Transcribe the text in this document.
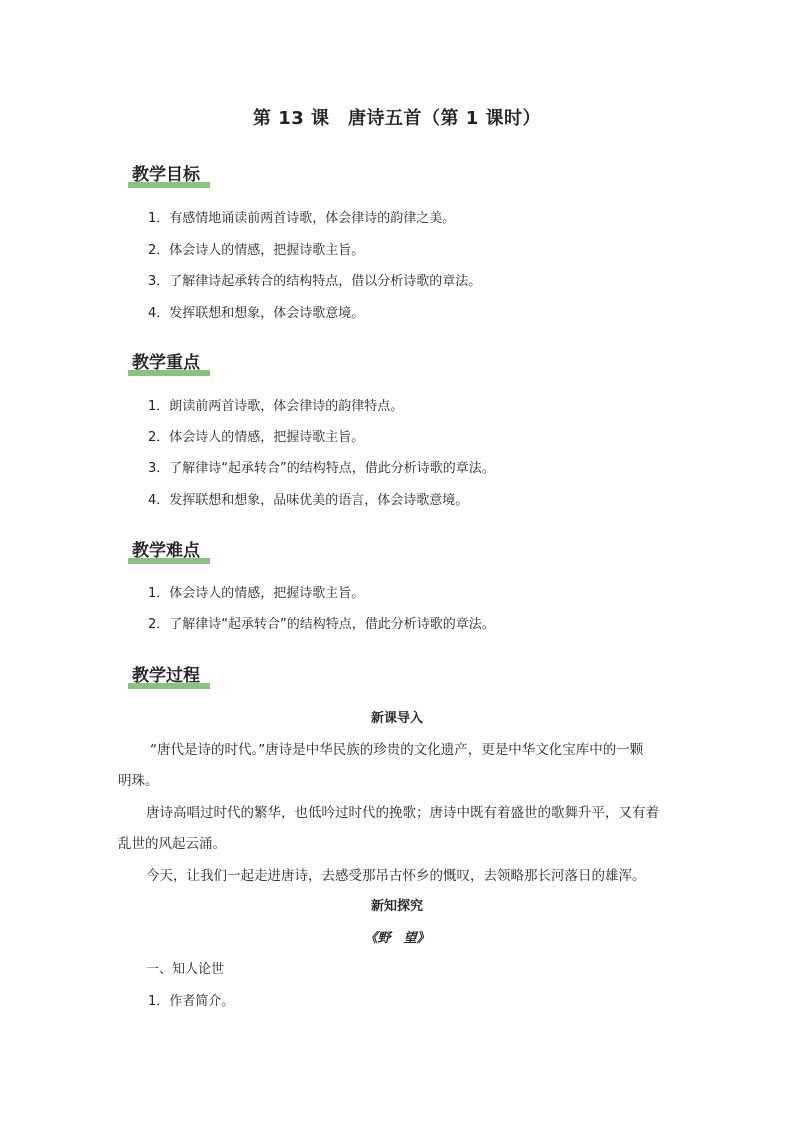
第 13 课　唐诗五首（第 1 课时）
教学目标
1．有感情地诵读前两首诗歌，体会律诗的韵律之美。
2．体会诗人的情感，把握诗歌主旨。
3．了解律诗起承转合的结构特点，借以分析诗歌的章法。
4．发挥联想和想象，体会诗歌意境。
教学重点
1．朗读前两首诗歌，体会律诗的韵律特点。
2．体会诗人的情感，把握诗歌主旨。
3．了解律诗“起承转合”的结构特点，借此分析诗歌的章法。
4．发挥联想和想象，品味优美的语言，体会诗歌意境。
教学难点
1．体会诗人的情感，把握诗歌主旨。
2．了解律诗“起承转合”的结构特点，借此分析诗歌的章法。
教学过程
新课导入
“唐代是诗的时代。”唐诗是中华民族的珍贵的文化遗产，更是中华文化宝库中的一颗
明珠。
唐诗高唱过时代的繁华，也低吟过时代的挽歌；唐诗中既有着盛世的歌舞升平，又有着
乱世的风起云涌。
今天，让我们一起走进唐诗，去感受那吊古怀乡的慨叹，去领略那长河落日的雄浑。
新知探究
《野　望》
一、知人论世
1．作者简介。
